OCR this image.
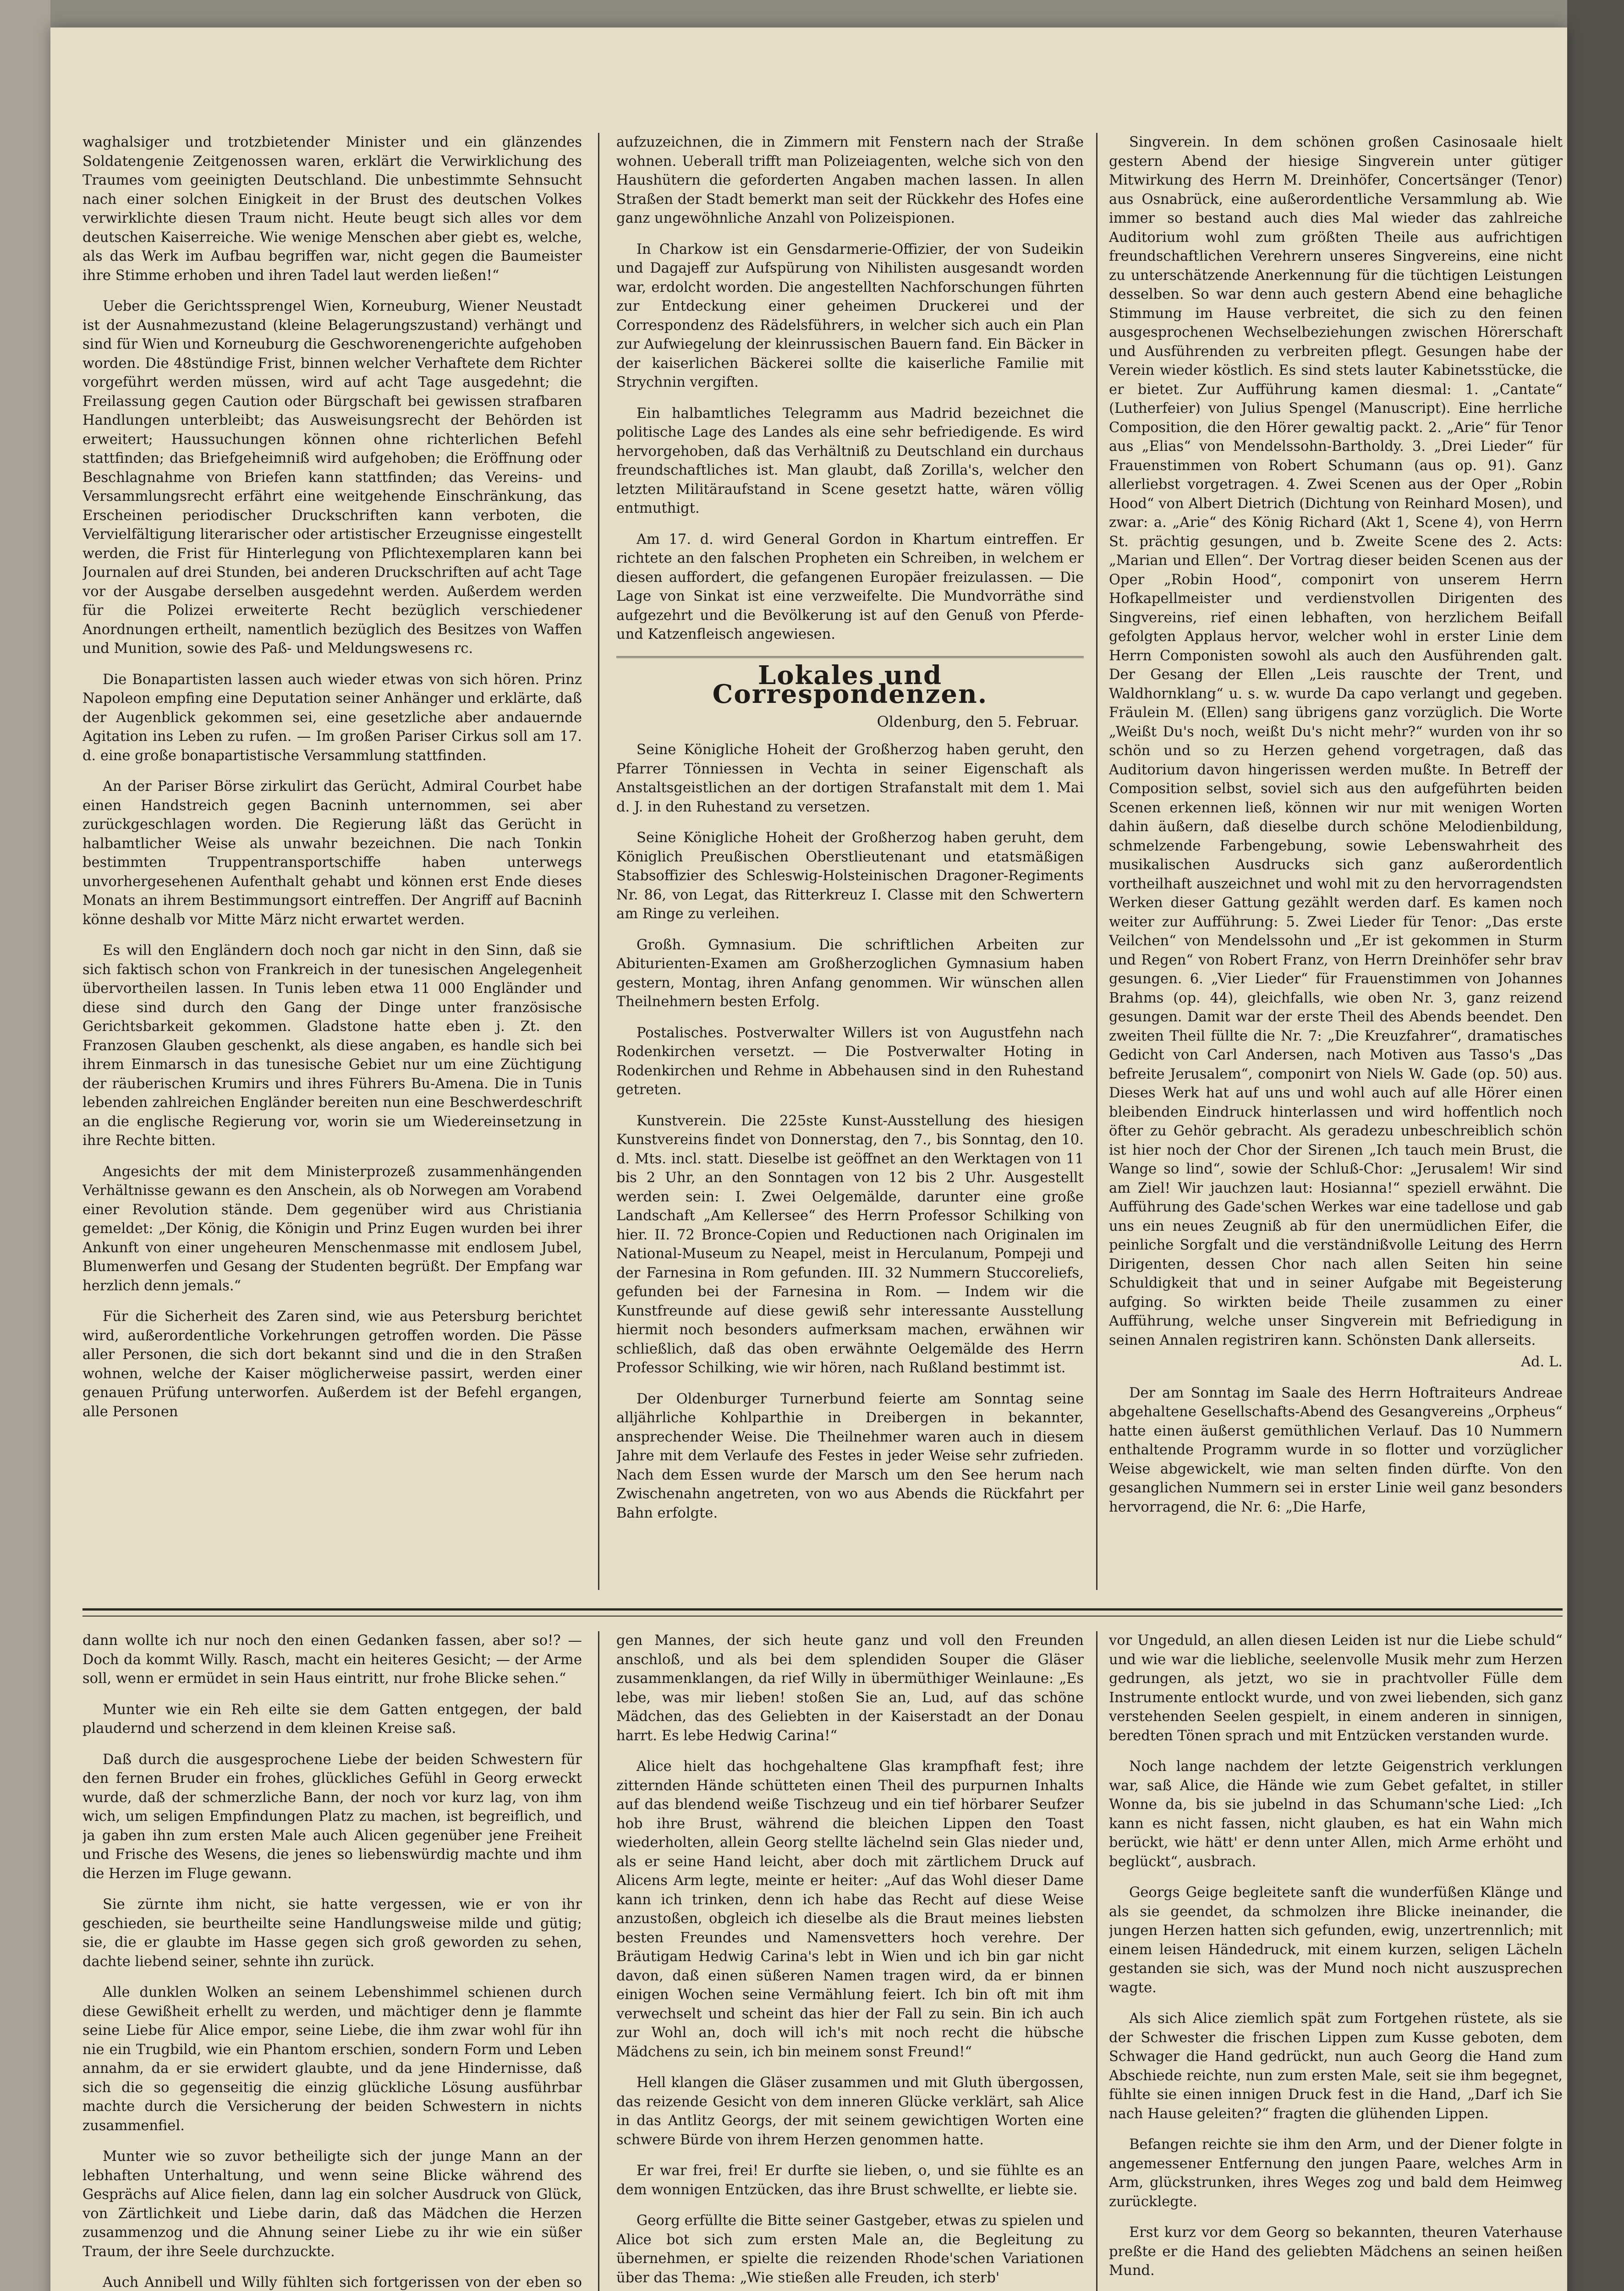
waghalsiger und trotzbietender Minister und ein glänzendes Soldatengenie Zeitgenossen waren, erklärt die Verwirklichung des Traumes vom geeinigten Deutschland. Die unbestimmte Sehnsucht nach einer solchen Einigkeit in der Brust des deutschen Volkes verwirklichte diesen Traum nicht. Heute beugt sich alles vor dem deutschen Kaiserreiche. Wie wenige Menschen aber giebt es, welche, als das Werk im Aufbau begriffen war, nicht gegen die Baumeister ihre Stimme erhoben und ihren Tadel laut werden ließen!“

Ueber die Gerichtssprengel Wien, Korneuburg, Wiener Neustadt ist der Ausnahmezustand (kleine Belagerungszustand) verhängt und sind für Wien und Korneuburg die Geschworenengerichte aufgehoben worden. Die 48stündige Frist, binnen welcher Verhaftete dem Richter vorgeführt werden müssen, wird auf acht Tage ausgedehnt; die Freilassung gegen Caution oder Bürgschaft bei gewissen strafbaren Handlungen unterbleibt; das Ausweisungsrecht der Behörden ist erweitert; Haussuchungen können ohne richterlichen Befehl stattfinden; das Briefgeheimniß wird aufgehoben; die Eröffnung oder Beschlagnahme von Briefen kann stattfinden; das Vereins- und Versammlungsrecht erfährt eine weitgehende Einschränkung, das Erscheinen periodischer Druckschriften kann verboten, die Vervielfältigung literarischer oder artistischer Erzeugnisse eingestellt werden, die Frist für Hinterlegung von Pflichtexemplaren kann bei Journalen auf drei Stunden, bei anderen Druckschriften auf acht Tage vor der Ausgabe derselben ausgedehnt werden. Außerdem werden für die Polizei erweiterte Recht bezüglich verschiedener Anordnungen ertheilt, namentlich bezüglich des Besitzes von Waffen und Munition, sowie des Paß- und Meldungswesens rc.

Die Bonapartisten lassen auch wieder etwas von sich hören. Prinz Napoleon empfing eine Deputation seiner Anhänger und erklärte, daß der Augenblick gekommen sei, eine gesetzliche aber andauernde Agitation ins Leben zu rufen. — Im großen Pariser Cirkus soll am 17. d. eine große bonapartistische Versammlung stattfinden.

An der Pariser Börse zirkulirt das Gerücht, Admiral Courbet habe einen Handstreich gegen Bacninh unternommen, sei aber zurückgeschlagen worden. Die Regierung läßt das Gerücht in halbamtlicher Weise als unwahr bezeichnen. Die nach Tonkin bestimmten Truppentransportschiffe haben unterwegs unvorhergesehenen Aufenthalt gehabt und können erst Ende dieses Monats an ihrem Bestimmungsort eintreffen. Der Angriff auf Bacninh könne deshalb vor Mitte März nicht erwartet werden.

Es will den Engländern doch noch gar nicht in den Sinn, daß sie sich faktisch schon von Frankreich in der tunesischen Angelegenheit übervortheilen lassen. In Tunis leben etwa 11 000 Engländer und diese sind durch den Gang der Dinge unter französische Gerichtsbarkeit gekommen. Gladstone hatte eben j. Zt. den Franzosen Glauben geschenkt, als diese angaben, es handle sich bei ihrem Einmarsch in das tunesische Gebiet nur um eine Züchtigung der räuberischen Krumirs und ihres Führers Bu-Amena. Die in Tunis lebenden zahlreichen Engländer bereiten nun eine Beschwerdeschrift an die englische Regierung vor, worin sie um Wiedereinsetzung in ihre Rechte bitten.

Angesichts der mit dem Ministerprozeß zusammenhängenden Verhältnisse gewann es den Anschein, als ob Norwegen am Vorabend einer Revolution stände. Dem gegenüber wird aus Christiania gemeldet: „Der König, die Königin und Prinz Eugen wurden bei ihrer Ankunft von einer ungeheuren Menschenmasse mit endlosem Jubel, Blumenwerfen und Gesang der Studenten begrüßt. Der Empfang war herzlich denn jemals.“

Für die Sicherheit des Zaren sind, wie aus Petersburg berichtet wird, außerordentliche Vorkehrungen getroffen worden. Die Pässe aller Personen, die sich dort bekannt sind und die in den Straßen wohnen, welche der Kaiser möglicherweise passirt, werden einer genauen Prüfung unterworfen. Außerdem ist der Befehl ergangen, alle Personen

aufzuzeichnen, die in Zimmern mit Fenstern nach der Straße wohnen. Ueberall trifft man Polizeiagenten, welche sich von den Haushütern die geforderten Angaben machen lassen. In allen Straßen der Stadt bemerkt man seit der Rückkehr des Hofes eine ganz ungewöhnliche Anzahl von Polizeispionen.

In Charkow ist ein Gensdarmerie-Offizier, der von Sudeikin und Dagajeff zur Aufspürung von Nihilisten ausgesandt worden war, erdolcht worden. Die angestellten Nachforschungen führten zur Entdeckung einer geheimen Druckerei und der Correspondenz des Rädelsführers, in welcher sich auch ein Plan zur Aufwiegelung der kleinrussischen Bauern fand. Ein Bäcker in der kaiserlichen Bäckerei sollte die kaiserliche Familie mit Strychnin vergiften.

Ein halbamtliches Telegramm aus Madrid bezeichnet die politische Lage des Landes als eine sehr befriedigende. Es wird hervorgehoben, daß das Verhältniß zu Deutschland ein durchaus freundschaftliches ist. Man glaubt, daß Zorilla's, welcher den letzten Militäraufstand in Scene gesetzt hatte, wären völlig entmuthigt.

Am 17. d. wird General Gordon in Khartum eintreffen. Er richtete an den falschen Propheten ein Schreiben, in welchem er diesen auffordert, die gefangenen Europäer freizulassen. — Die Lage von Sinkat ist eine verzweifelte. Die Mundvorräthe sind aufgezehrt und die Bevölkerung ist auf den Genuß von Pferde- und Katzenfleisch angewiesen.

Lokales und Correspondenzen.

Oldenburg, den 5. Februar.

Seine Königliche Hoheit der Großherzog haben geruht, den Pfarrer Tönniessen in Vechta in seiner Eigenschaft als Anstaltsgeistlichen an der dortigen Strafanstalt mit dem 1. Mai d. J. in den Ruhestand zu versetzen.

Seine Königliche Hoheit der Großherzog haben geruht, dem Königlich Preußischen Oberstlieutenant und etatsmäßigen Stabsoffizier des Schleswig-Holsteinischen Dragoner-Regiments Nr. 86, von Legat, das Ritterkreuz I. Classe mit den Schwertern am Ringe zu verleihen.

Großh. Gymnasium. Die schriftlichen Arbeiten zur Abiturienten-Examen am Großherzoglichen Gymnasium haben gestern, Montag, ihren Anfang genommen. Wir wünschen allen Theilnehmern besten Erfolg.

Postalisches. Postverwalter Willers ist von Augustfehn nach Rodenkirchen versetzt. — Die Postverwalter Hoting in Rodenkirchen und Rehme in Abbehausen sind in den Ruhestand getreten.

Kunstverein. Die 225ste Kunst-Ausstellung des hiesigen Kunstvereins findet von Donnerstag, den 7., bis Sonntag, den 10. d. Mts. incl. statt. Dieselbe ist geöffnet an den Werktagen von 11 bis 2 Uhr, an den Sonntagen von 12 bis 2 Uhr. Ausgestellt werden sein: I. Zwei Oelgemälde, darunter eine große Landschaft „Am Kellersee“ des Herrn Professor Schilking von hier. II. 72 Bronce-Copien und Reductionen nach Originalen im National-Museum zu Neapel, meist in Herculanum, Pompeji und der Farnesina in Rom gefunden. III. 32 Nummern Stuccoreliefs, gefunden bei der Farnesina in Rom. — Indem wir die Kunstfreunde auf diese gewiß sehr interessante Ausstellung hiermit noch besonders aufmerksam machen, erwähnen wir schließlich, daß das oben erwähnte Oelgemälde des Herrn Professor Schilking, wie wir hören, nach Rußland bestimmt ist.

Der Oldenburger Turnerbund feierte am Sonntag seine alljährliche Kohlparthie in Dreibergen in bekannter, ansprechender Weise. Die Theilnehmer waren auch in diesem Jahre mit dem Verlaufe des Festes in jeder Weise sehr zufrieden. Nach dem Essen wurde der Marsch um den See herum nach Zwischenahn angetreten, von wo aus Abends die Rückfahrt per Bahn erfolgte.

Singverein. In dem schönen großen Casinosaale hielt gestern Abend der hiesige Singverein unter gütiger Mitwirkung des Herrn M. Dreinhöfer, Concertsänger (Tenor) aus Osnabrück, eine außerordentliche Versammlung ab. Wie immer so bestand auch dies Mal wieder das zahlreiche Auditorium wohl zum größten Theile aus aufrichtigen freundschaftlichen Verehrern unseres Singvereins, eine nicht zu unterschätzende Anerkennung für die tüchtigen Leistungen desselben. So war denn auch gestern Abend eine behagliche Stimmung im Hause verbreitet, die sich zu den feinen ausgesprochenen Wechselbeziehungen zwischen Hörerschaft und Ausführenden zu verbreiten pflegt. Gesungen habe der Verein wieder köstlich. Es sind stets lauter Kabinetsstücke, die er bietet. Zur Aufführung kamen diesmal: 1. „Cantate“ (Lutherfeier) von Julius Spengel (Manuscript). Eine herrliche Composition, die den Hörer gewaltig packt. 2. „Arie“ für Tenor aus „Elias“ von Mendelssohn-Bartholdy. 3. „Drei Lieder“ für Frauenstimmen von Robert Schumann (aus op. 91). Ganz allerliebst vorgetragen. 4. Zwei Scenen aus der Oper „Robin Hood“ von Albert Dietrich (Dichtung von Reinhard Mosen), und zwar: a. „Arie“ des König Richard (Akt 1, Scene 4), von Herrn St. prächtig gesungen, und b. Zweite Scene des 2. Acts: „Marian und Ellen“. Der Vortrag dieser beiden Scenen aus der Oper „Robin Hood“, componirt von unserem Herrn Hofkapellmeister und verdienstvollen Dirigenten des Singvereins, rief einen lebhaften, von herzlichem Beifall gefolgten Applaus hervor, welcher wohl in erster Linie dem Herrn Componisten sowohl als auch den Ausführenden galt. Der Gesang der Ellen „Leis rauschte der Trent, und Waldhornklang“ u. s. w. wurde Da capo verlangt und gegeben. Fräulein M. (Ellen) sang übrigens ganz vorzüglich. Die Worte „Weißt Du's noch, weißt Du's nicht mehr?“ wurden von ihr so schön und so zu Herzen gehend vorgetragen, daß das Auditorium davon hingerissen werden mußte. In Betreff der Composition selbst, soviel sich aus den aufgeführten beiden Scenen erkennen ließ, können wir nur mit wenigen Worten dahin äußern, daß dieselbe durch schöne Melodienbildung, schmelzende Farbengebung, sowie Lebenswahrheit des musikalischen Ausdrucks sich ganz außerordentlich vortheilhaft auszeichnet und wohl mit zu den hervorragendsten Werken dieser Gattung gezählt werden darf. Es kamen noch weiter zur Aufführung: 5. Zwei Lieder für Tenor: „Das erste Veilchen“ von Mendelssohn und „Er ist gekommen in Sturm und Regen“ von Robert Franz, von Herrn Dreinhöfer sehr brav gesungen. 6. „Vier Lieder“ für Frauenstimmen von Johannes Brahms (op. 44), gleichfalls, wie oben Nr. 3, ganz reizend gesungen. Damit war der erste Theil des Abends beendet. Den zweiten Theil füllte die Nr. 7: „Die Kreuzfahrer“, dramatisches Gedicht von Carl Andersen, nach Motiven aus Tasso's „Das befreite Jerusalem“, componirt von Niels W. Gade (op. 50) aus. Dieses Werk hat auf uns und wohl auch auf alle Hörer einen bleibenden Eindruck hinterlassen und wird hoffentlich noch öfter zu Gehör gebracht. Als geradezu unbeschreiblich schön ist hier noch der Chor der Sirenen „Ich tauch mein Brust, die Wange so lind“, sowie der Schluß-Chor: „Jerusalem! Wir sind am Ziel! Wir jauchzen laut: Hosianna!“ speziell erwähnt. Die Aufführung des Gade'schen Werkes war eine tadellose und gab uns ein neues Zeugniß ab für den unermüdlichen Eifer, die peinliche Sorgfalt und die verständnißvolle Leitung des Herrn Dirigenten, dessen Chor nach allen Seiten hin seine Schuldigkeit that und in seiner Aufgabe mit Begeisterung aufging. So wirkten beide Theile zusammen zu einer Aufführung, welche unser Singverein mit Befriedigung in seinen Annalen registriren kann. Schönsten Dank allerseits.

Ad. L.

Der am Sonntag im Saale des Herrn Hoftraiteurs Andreae abgehaltene Gesellschafts-Abend des Gesangvereins „Orpheus“ hatte einen äußerst gemüthlichen Verlauf. Das 10 Nummern enthaltende Programm wurde in so flotter und vorzüglicher Weise abgewickelt, wie man selten finden dürfte. Von den gesanglichen Nummern sei in erster Linie weil ganz besonders hervorragend, die Nr. 6: „Die Harfe,

dann wollte ich nur noch den einen Gedanken fassen, aber so!? — Doch da kommt Willy. Rasch, macht ein heiteres Gesicht; — der Arme soll, wenn er ermüdet in sein Haus eintritt, nur frohe Blicke sehen.“

Munter wie ein Reh eilte sie dem Gatten entgegen, der bald plaudernd und scherzend in dem kleinen Kreise saß.

Daß durch die ausgesprochene Liebe der beiden Schwestern für den fernen Bruder ein frohes, glückliches Gefühl in Georg erweckt wurde, daß der schmerzliche Bann, der noch vor kurz lag, von ihm wich, um seligen Empfindungen Platz zu machen, ist begreiflich, und ja gaben ihn zum ersten Male auch Alicen gegenüber jene Freiheit und Frische des Wesens, die jenes so liebenswürdig machte und ihm die Herzen im Fluge gewann.

Sie zürnte ihm nicht, sie hatte vergessen, wie er von ihr geschieden, sie beurtheilte seine Handlungsweise milde und gütig; sie, die er glaubte im Hasse gegen sich groß geworden zu sehen, dachte liebend seiner, sehnte ihn zurück.

Alle dunklen Wolken an seinem Lebenshimmel schienen durch diese Gewißheit erhellt zu werden, und mächtiger denn je flammte seine Liebe für Alice empor, seine Liebe, die ihm zwar wohl für ihn nie ein Trugbild, wie ein Phantom erschien, sondern Form und Leben annahm, da er sie erwidert glaubte, und da jene Hindernisse, daß sich die so gegenseitig die einzig glückliche Lösung ausführbar machte durch die Versicherung der beiden Schwestern in nichts zusammenfiel.

Munter wie so zuvor betheiligte sich der junge Mann an der lebhaften Unterhaltung, und wenn seine Blicke während des Gesprächs auf Alice fielen, dann lag ein solcher Ausdruck von Glück, von Zärtlichkeit und Liebe darin, daß das Mädchen die Herzen zusammenzog und die Ahnung seiner Liebe zu ihr wie ein süßer Traum, der ihre Seele durchzuckte.

Auch Annibell und Willy fühlten sich fortgerissen von der eben so

gen Mannes, der sich heute ganz und voll den Freunden anschloß, und als bei dem splendiden Souper die Gläser zusammenklangen, da rief Willy in übermüthiger Weinlaune: „Es lebe, was mir lieben! stoßen Sie an, Lud, auf das schöne Mädchen, das des Geliebten in der Kaiserstadt an der Donau harrt. Es lebe Hedwig Carina!“

Alice hielt das hochgehaltene Glas krampfhaft fest; ihre zitternden Hände schütteten einen Theil des purpurnen Inhalts auf das blendend weiße Tischzeug und ein tief hörbarer Seufzer hob ihre Brust, während die bleichen Lippen den Toast wiederholten, allein Georg stellte lächelnd sein Glas nieder und, als er seine Hand leicht, aber doch mit zärtlichem Druck auf Alicens Arm legte, meinte er heiter: „Auf das Wohl dieser Dame kann ich trinken, denn ich habe das Recht auf diese Weise anzustoßen, obgleich ich dieselbe als die Braut meines liebsten besten Freundes und Namensvetters hoch verehre. Der Bräutigam Hedwig Carina's lebt in Wien und ich bin gar nicht davon, daß einen süßeren Namen tragen wird, da er binnen einigen Wochen seine Vermählung feiert. Ich bin oft mit ihm verwechselt und scheint das hier der Fall zu sein. Bin ich auch zur Wohl an, doch will ich's mit noch recht die hübsche Mädchens zu sein, ich bin meinem sonst Freund!“

Hell klangen die Gläser zusammen und mit Gluth übergossen, das reizende Gesicht von dem inneren Glücke verklärt, sah Alice in das Antlitz Georgs, der mit seinem gewichtigen Worten eine schwere Bürde von ihrem Herzen genommen hatte.

Er war frei, frei! Er durfte sie lieben, o, und sie fühlte es an dem wonnigen Entzücken, das ihre Brust schwellte, er liebte sie.

Georg erfüllte die Bitte seiner Gastgeber, etwas zu spielen und Alice bot sich zum ersten Male an, die Begleitung zu übernehmen, er spielte die reizenden Rhode'schen Variationen über das Thema: „Wie stießen alle Freuden, ich sterb'

vor Ungeduld, an allen diesen Leiden ist nur die Liebe schuld“ und wie war die liebliche, seelenvolle Musik mehr zum Herzen gedrungen, als jetzt, wo sie in prachtvoller Fülle dem Instrumente entlockt wurde, und von zwei liebenden, sich ganz verstehenden Seelen gespielt, in einem anderen in sinnigen, beredten Tönen sprach und mit Entzücken verstanden wurde.

Noch lange nachdem der letzte Geigenstrich verklungen war, saß Alice, die Hände wie zum Gebet gefaltet, in stiller Wonne da, bis sie jubelnd in das Schumann'sche Lied: „Ich kann es nicht fassen, nicht glauben, es hat ein Wahn mich berückt, wie hätt' er denn unter Allen, mich Arme erhöht und beglückt“, ausbrach.

Georgs Geige begleitete sanft die wunderfüßen Klänge und als sie geendet, da schmolzen ihre Blicke ineinander, die jungen Herzen hatten sich gefunden, ewig, unzertrennlich; mit einem leisen Händedruck, mit einem kurzen, seligen Lächeln gestanden sie sich, was der Mund noch nicht auszusprechen wagte.

Als sich Alice ziemlich spät zum Fortgehen rüstete, als sie der Schwester die frischen Lippen zum Kusse geboten, dem Schwager die Hand gedrückt, nun auch Georg die Hand zum Abschiede reichte, nun zum ersten Male, seit sie ihm begegnet, fühlte sie einen innigen Druck fest in die Hand, „Darf ich Sie nach Hause geleiten?“ fragten die glühenden Lippen.

Befangen reichte sie ihm den Arm, und der Diener folgte in angemessener Entfernung den jungen Paare, welches Arm in Arm, glückstrunken, ihres Weges zog und bald dem Heimweg zurücklegte.

Erst kurz vor dem Georg so bekannten, theuren Vaterhause preßte er die Hand des geliebten Mädchens an seinen heißen Mund.
